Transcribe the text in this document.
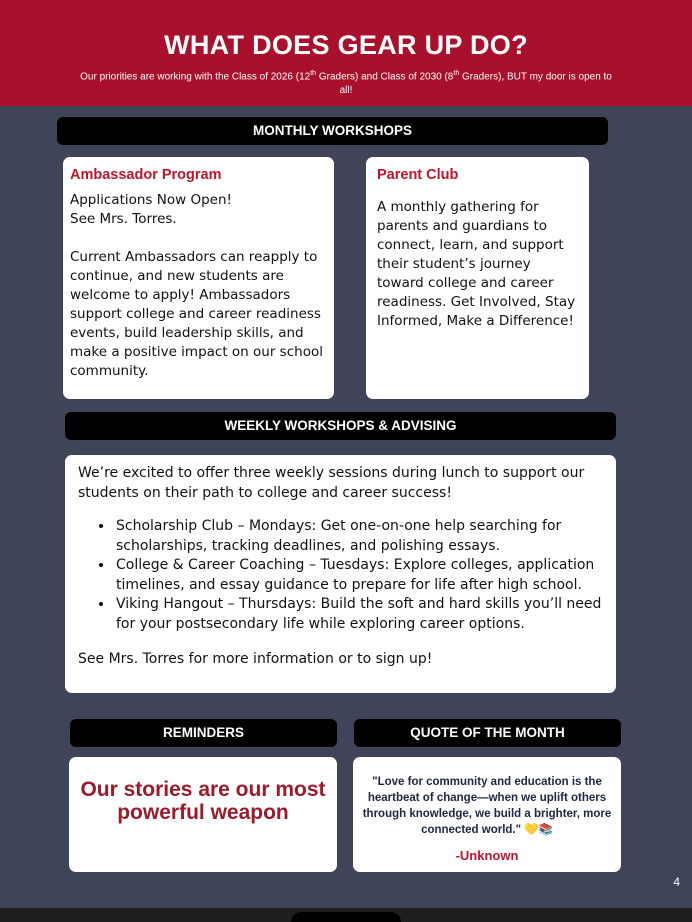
WHAT DOES GEAR UP DO?

Our priorities are working with the Class of 2026 (12th Graders) and Class of 2030 (8th Graders), BUT my door is open to all!

MONTHLY WORKSHOPS
Ambassador Program
Applications Now Open!
See Mrs. Torres.

Current Ambassadors can reapply to continue, and new students are welcome to apply! Ambassadors support college and career readiness events, build leadership skills, and make a positive impact on our school community.
Parent Club
A monthly gathering for parents and guardians to connect, learn, and support their student’s journey toward college and career readiness. Get Involved, Stay Informed, Make a Difference!
WEEKLY WORKSHOPS & ADVISING
We’re excited to offer three weekly sessions during lunch to support our students on their path to college and career success!
• Scholarship Club – Mondays: Get one-on-one help searching for scholarships, tracking deadlines, and polishing essays.
• College & Career Coaching – Tuesdays: Explore colleges, application timelines, and essay guidance to prepare for life after high school.
• Viking Hangout – Thursdays: Build the soft and hard skills you’ll need for your postsecondary life while exploring career options.
See Mrs. Torres for more information or to sign up!
REMINDERS
Our stories are our most powerful weapon
QUOTE OF THE MONTH
"Love for community and education is the heartbeat of change—when we uplift others through knowledge, we build a brighter, more connected world." 💛📚
-Unknown
4
